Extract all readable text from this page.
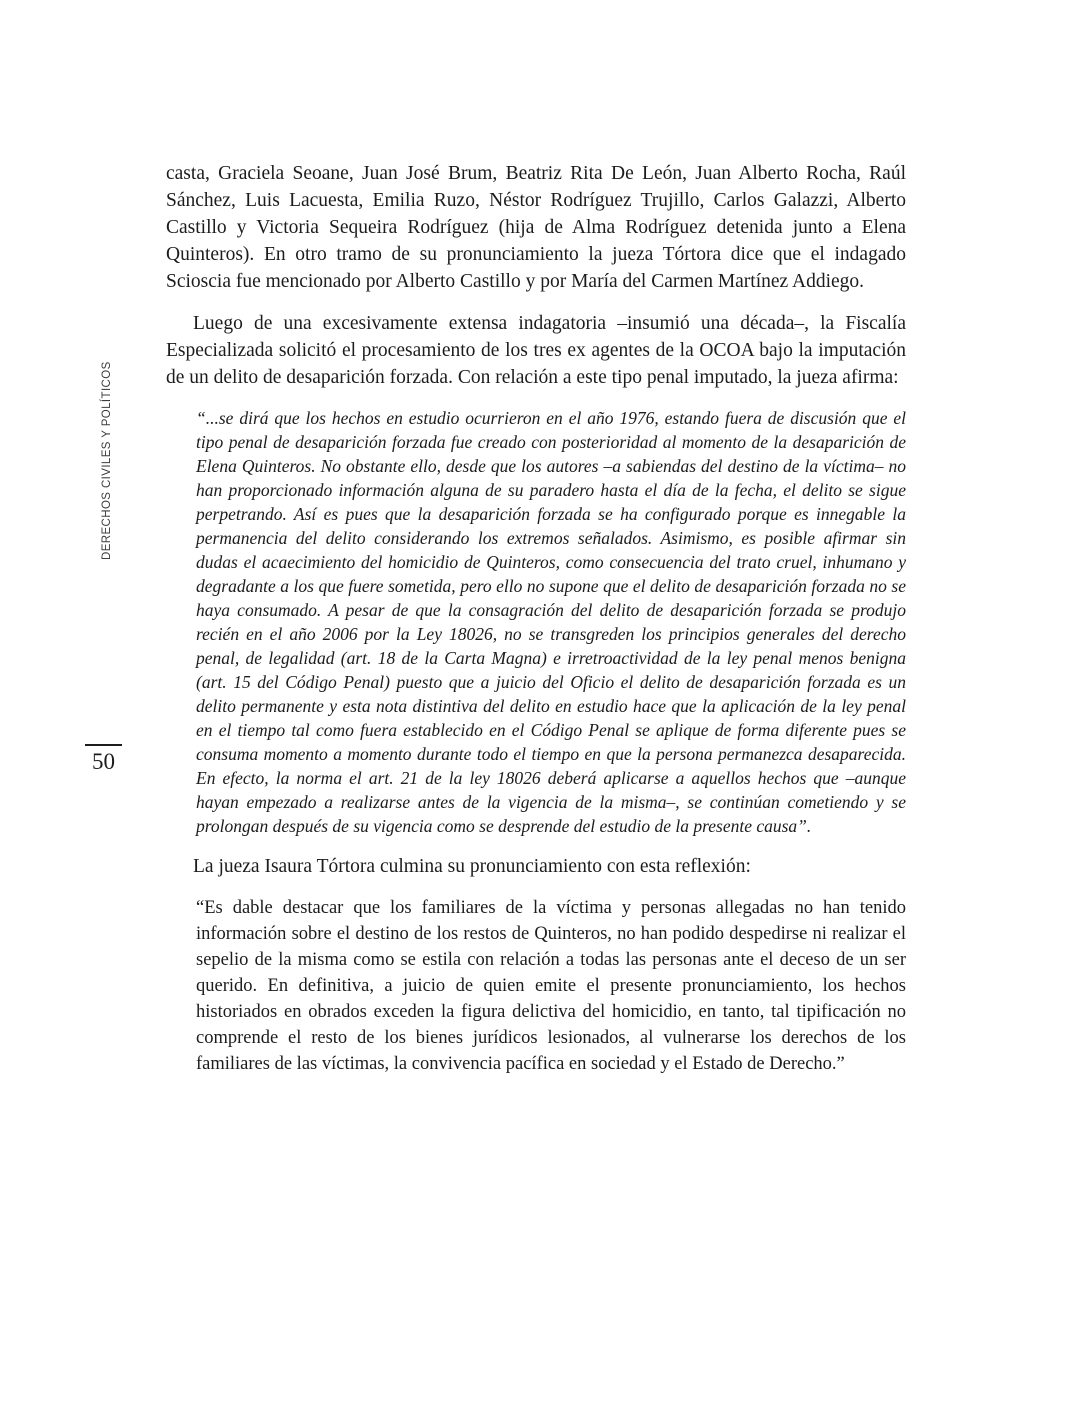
DERECHOS CIVILES Y POLÍTICOS
50

casta, Graciela Seoane, Juan José Brum, Beatriz Rita De León, Juan Alberto Rocha, Raúl Sánchez, Luis Lacuesta, Emilia Ruzo, Néstor Rodríguez Trujillo, Carlos Galazzi, Alberto Castillo y Victoria Sequeira Rodríguez (hija de Alma Rodríguez detenida junto a Elena Quinteros). En otro tramo de su pronunciamiento la jueza Tórtora dice que el indagado Scioscia fue mencionado por Alberto Castillo y por María del Carmen Martínez Addiego.

Luego de una excesivamente extensa indagatoria –insumió una década–, la Fiscalía Especializada solicitó el procesamiento de los tres ex agentes de la OCOA bajo la imputación de un delito de desaparición forzada. Con relación a este tipo penal imputado, la jueza afirma:

“...se dirá que los hechos en estudio ocurrieron en el año 1976, estando fuera de discusión que el tipo penal de desaparición forzada fue creado con posterioridad al momento de la desaparición de Elena Quinteros. No obstante ello, desde que los autores –a sabiendas del destino de la víctima– no han proporcionado información alguna de su paradero hasta el día de la fecha, el delito se sigue perpetrando. Así es pues que la desaparición forzada se ha configurado porque es innegable la permanencia del delito considerando los extremos señalados. Asimismo, es posible afirmar sin dudas el acaecimiento del homicidio de Quinteros, como consecuencia del trato cruel, inhumano y degradante a los que fuere sometida, pero ello no supone que el delito de desaparición forzada no se haya consumado. A pesar de que la consagración del delito de desaparición forzada se produjo recién en el año 2006 por la Ley 18026, no se transgreden los principios generales del derecho penal, de legalidad (art. 18 de la Carta Magna) e irretroactividad de la ley penal menos benigna (art. 15 del Código Penal) puesto que a juicio del Oficio el delito de desaparición forzada es un delito permanente y esta nota distintiva del delito en estudio hace que la aplicación de la ley penal en el tiempo tal como fuera establecido en el Código Penal se aplique de forma diferente pues se consuma momento a momento durante todo el tiempo en que la persona permanezca desaparecida. En efecto, la norma el art. 21 de la ley 18026 deberá aplicarse a aquellos hechos que –aunque hayan empezado a realizarse antes de la vigencia de la misma–, se continúan cometiendo y se prolongan después de su vigencia como se desprende del estudio de la presente causa”.

La jueza Isaura Tórtora culmina su pronunciamiento con esta reflexión:

“Es dable destacar que los familiares de la víctima y personas allegadas no han tenido información sobre el destino de los restos de Quinteros, no han podido despedirse ni realizar el sepelio de la misma como se estila con relación a todas las personas ante el deceso de un ser querido. En definitiva, a juicio de quien emite el presente pronunciamiento, los hechos historiados en obrados exceden la figura delictiva del homicidio, en tanto, tal tipificación no comprende el resto de los bienes jurídicos lesionados, al vulnerarse los derechos de los familiares de las víctimas, la convivencia pacífica en sociedad y el Estado de Derecho.”
